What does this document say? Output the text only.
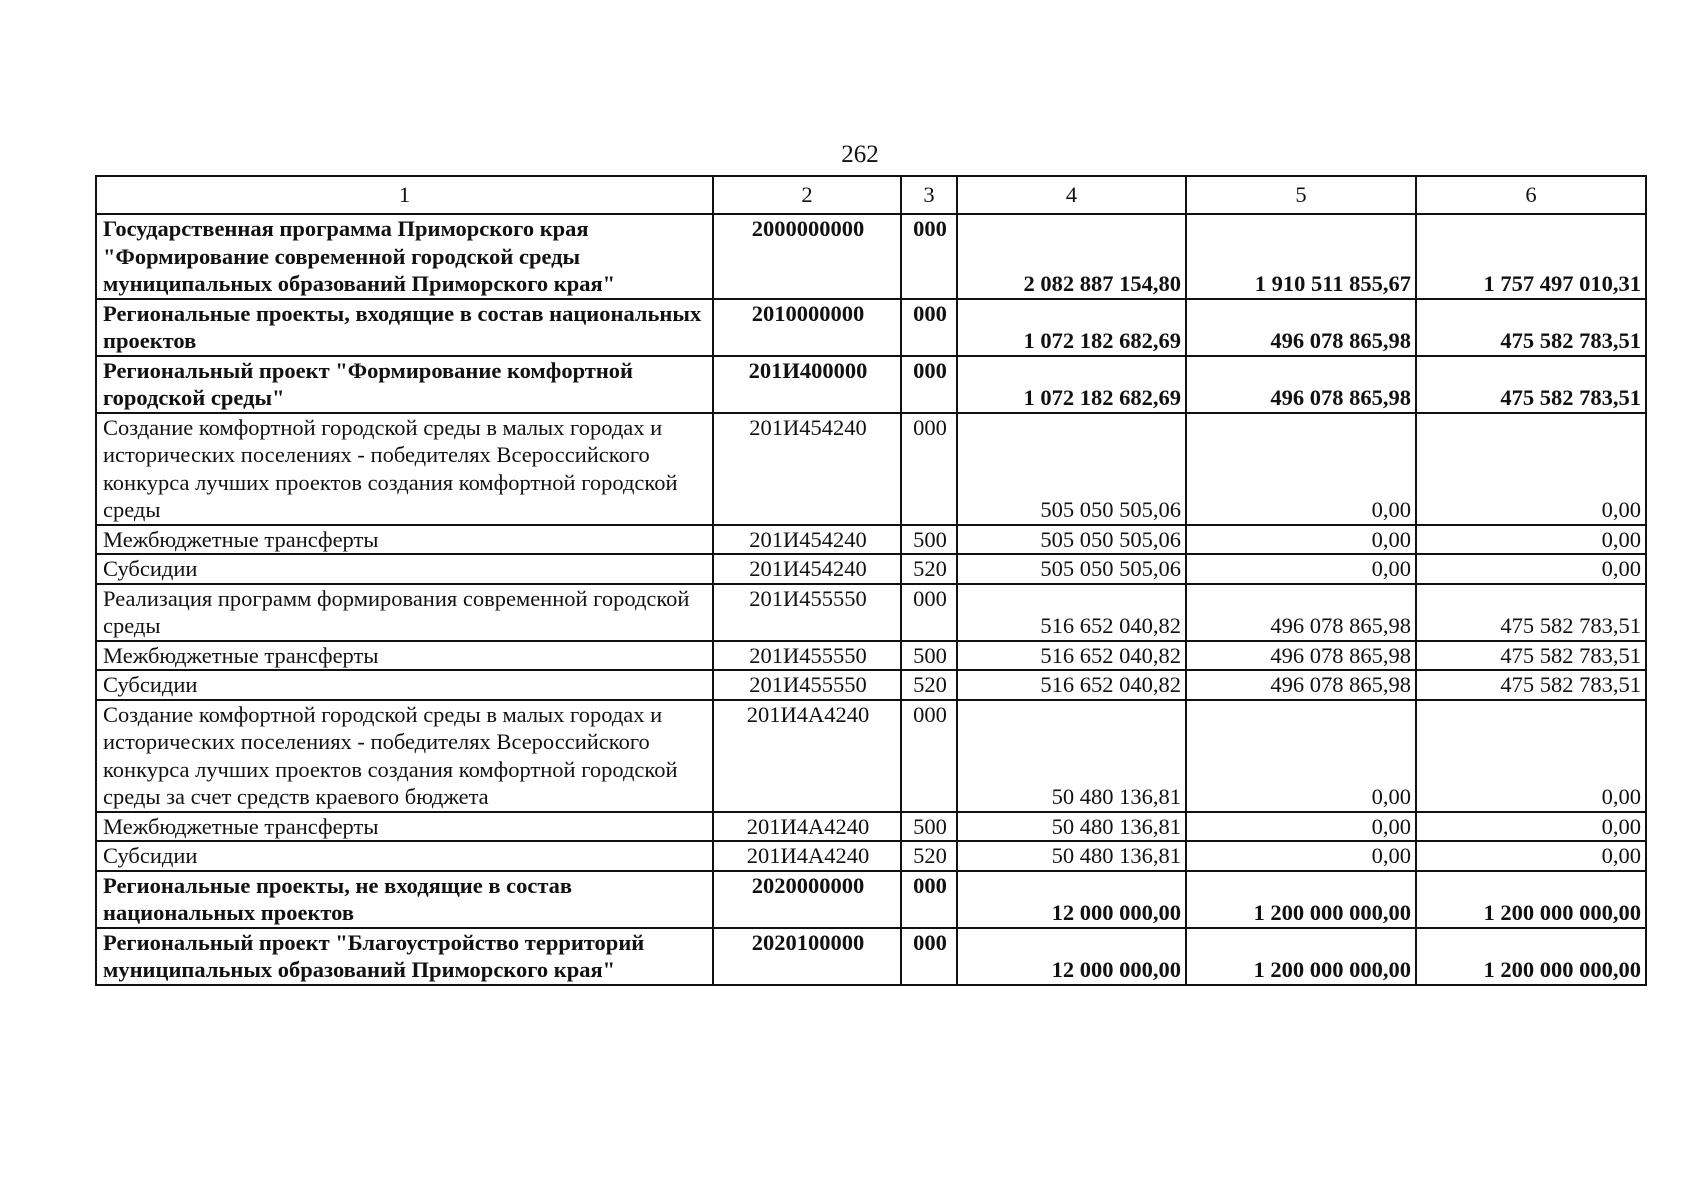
262
1	2	3	4	5	6
Государственная программа Приморского края "Формирование современной городской среды муниципальных образований Приморского края"	2000000000	000	2 082 887 154,80	1 910 511 855,67	1 757 497 010,31
Региональные проекты, входящие в состав национальных проектов	2010000000	000	1 072 182 682,69	496 078 865,98	475 582 783,51
Региональный проект "Формирование комфортной городской среды"	201И400000	000	1 072 182 682,69	496 078 865,98	475 582 783,51
Создание комфортной городской среды в малых городах и исторических поселениях - победителях Всероссийского конкурса лучших проектов создания комфортной городской среды	201И454240	000	505 050 505,06	0,00	0,00
Межбюджетные трансферты	201И454240	500	505 050 505,06	0,00	0,00
Субсидии	201И454240	520	505 050 505,06	0,00	0,00
Реализация программ формирования современной городской среды	201И455550	000	516 652 040,82	496 078 865,98	475 582 783,51
Межбюджетные трансферты	201И455550	500	516 652 040,82	496 078 865,98	475 582 783,51
Субсидии	201И455550	520	516 652 040,82	496 078 865,98	475 582 783,51
Создание комфортной городской среды в малых городах и исторических поселениях - победителях Всероссийского конкурса лучших проектов создания комфортной городской среды за счет средств краевого бюджета	201И4А4240	000	50 480 136,81	0,00	0,00
Межбюджетные трансферты	201И4А4240	500	50 480 136,81	0,00	0,00
Субсидии	201И4А4240	520	50 480 136,81	0,00	0,00
Региональные проекты, не входящие в состав национальных проектов	2020000000	000	12 000 000,00	1 200 000 000,00	1 200 000 000,00
Региональный проект "Благоустройство территорий муниципальных образований Приморского края"	2020100000	000	12 000 000,00	1 200 000 000,00	1 200 000 000,00
